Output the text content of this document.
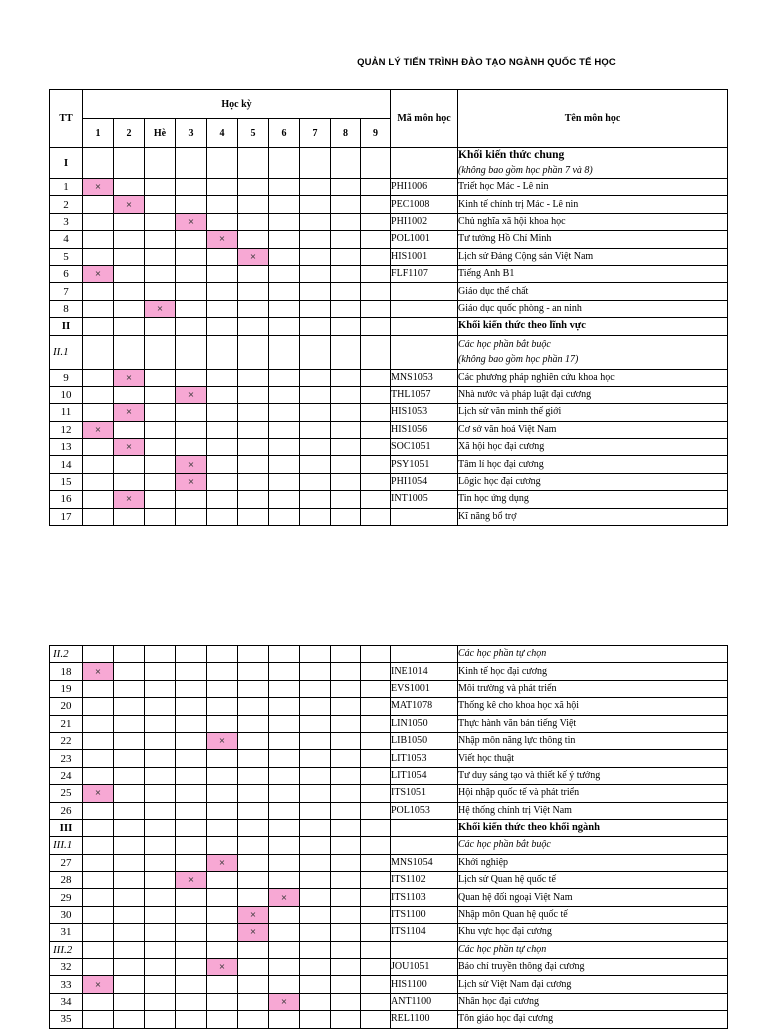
QUẢN LÝ TIẾN TRÌNH ĐÀO TẠO NGÀNH QUỐC TẾ HỌC
TT	Học kỳ										Mã môn học	Tên môn học
	1	2	Hè	3	4	5	6	7	8	9		
I												Khối kiến thức chung
(không bao gồm học phần 7 và 8)

1	×										PHI1006	Triết học Mác - Lê nin
2		×									PEC1008	Kinh tế chính trị Mác - Lê nin
3				×							PHI1002	Chủ nghĩa xã hội khoa học
4					×						POL1001	Tư tưởng Hồ Chí Minh
5						×					HIS1001	Lịch sử Đảng Cộng sản Việt Nam
6	×										FLF1107	Tiếng Anh B1
7												Giáo dục thể chất
8			×									Giáo dục quốc phòng - an ninh
II												Khối kiến thức theo lĩnh vực
II.1												Các học phần bắt buộc
(không bao gồm học phần 17)

9		×									MNS1053	Các phương pháp nghiên cứu khoa học
10				×							THL1057	Nhà nước và pháp luật đại cương
11		×									HIS1053	Lịch sử văn minh thế giới
12	×										HIS1056	Cơ sở văn hoá Việt Nam
13		×									SOC1051	Xã hội học đại cương
14				×							PSY1051	Tâm lí học đại cương
15				×							PHI1054	Lôgic học đại cương
16		×									INT1005	Tin học ứng dụng
17												Kĩ năng bổ trợ
II.2												Các học phần tự chọn
18	×										INE1014	Kinh tế học đại cương
19											EVS1001	Môi trường và phát triển
20											MAT1078	Thống kê cho khoa học xã hội
21											LIN1050	Thực hành văn bản tiếng Việt
22					×						LIB1050	Nhập môn năng lực thông tin
23											LIT1053	Viết học thuật
24											LIT1054	Tư duy sáng tạo và thiết kế ý tưởng
25	×										ITS1051	Hội nhập quốc tế và phát triển
26											POL1053	Hệ thống chính trị Việt Nam
III												Khối kiến thức theo khối ngành
III.1												Các học phần bắt buộc
27					×						MNS1054	Khởi nghiệp
28				×							ITS1102	Lịch sử Quan hệ quốc tế
29							×				ITS1103	Quan hệ đối ngoại Việt Nam
30						×					ITS1100	Nhập môn Quan hệ quốc tế
31						×					ITS1104	Khu vực học đại cương
III.2												Các học phần tự chọn
32					×						JOU1051	Báo chí truyền thông đại cương
33	×										HIS1100	Lịch sử Việt Nam đại cương
34							×				ANT1100	Nhân học đại cương
35											REL1100	Tôn giáo học đại cương
